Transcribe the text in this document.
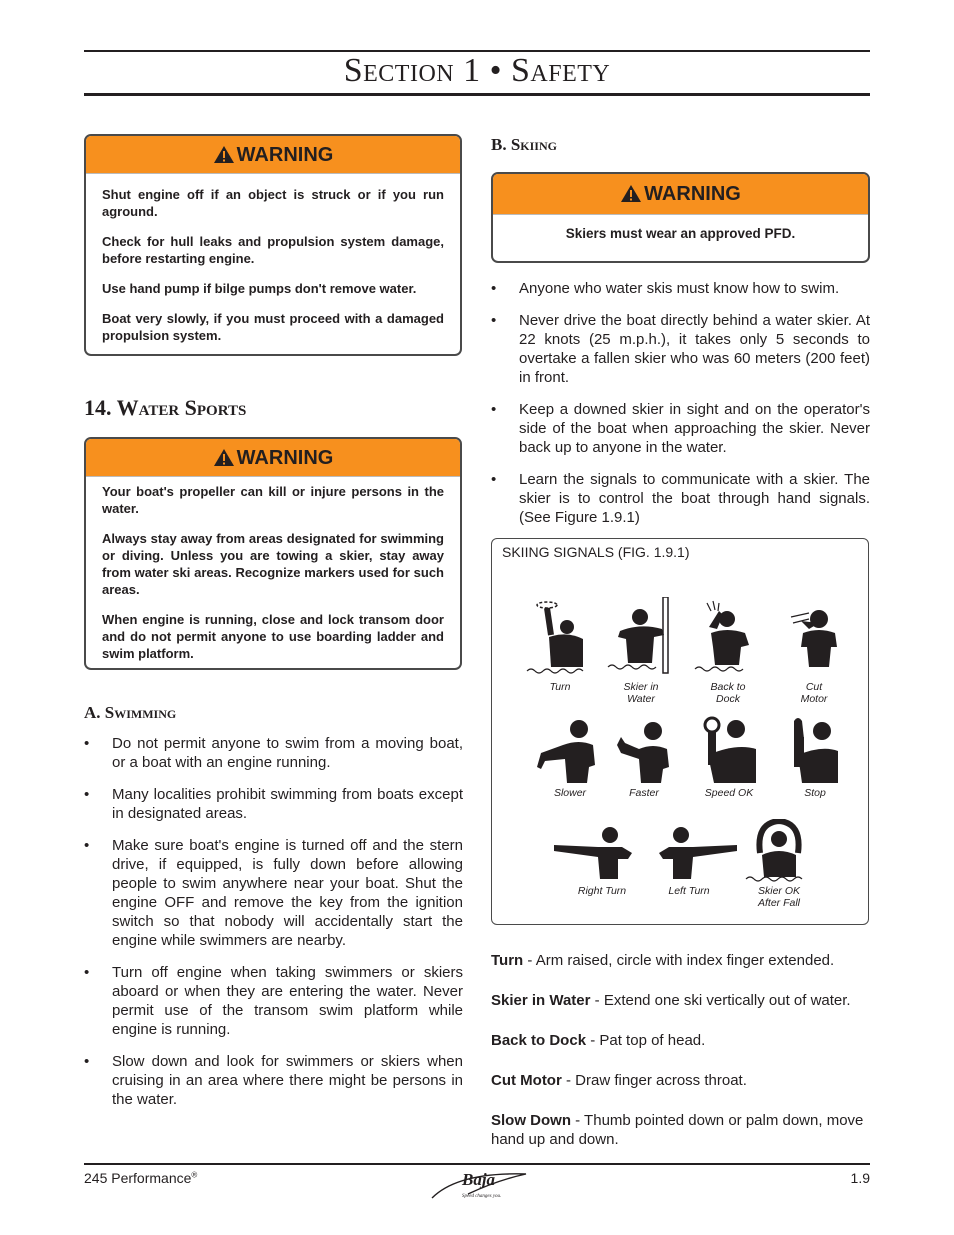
Section 1 • Safety
WARNING

Shut engine off if an object is struck or if you run aground.

Check for hull leaks and propulsion system damage, before restarting engine.

Use hand pump if bilge pumps don't remove water.

Boat very slowly, if you must proceed with a damaged propulsion system.

14. Water Sports
WARNING

Your boat's propeller can kill or injure persons in the water.

Always stay away from areas designated for swimming or diving. Unless you are towing a skier, stay away from water ski areas. Recognize markers used for such areas.

When engine is running, close and lock transom door and do not permit anyone to use boarding ladder and swim platform.

A. Swimming
• Do not permit anyone to swim from a moving boat, or a boat with an engine running.
• Many localities prohibit swimming from boats except in designated areas.
• Make sure boat's engine is turned off and the stern drive, if equipped, is fully down before allowing people to swim anywhere near your boat. Shut the engine OFF and remove the key from the ignition switch so that nobody will accidentally start the engine while swimmers are nearby.
• Turn off engine when taking swimmers or skiers aboard or when they are entering the water. Never permit use of the transom swim platform while engine is running.
• Slow down and look for swimmers or skiers when cruising in an area where there might be persons in the water.
B. Skiing
WARNING

Skiers must wear an approved PFD.

• Anyone who water skis must know how to swim.
• Never drive the boat directly behind a water skier. At 22 knots (25 m.p.h.), it takes only 5 seconds to overtake a fallen skier who was 60 meters (200 feet) in front.
• Keep a downed skier in sight and on the operator's side of the boat when approaching the skier. Never back up to anyone in the water.
• Learn the signals to communicate with a skier. The skier is to control the boat through hand signals. (See Figure 1.9.1)
SKIING SIGNALS (FIG. 1.9.1)
Turn	Skier in
Water
Back to
Dock
Cut
Motor
Slower	Faster	Speed OK	Stop

Right Turn	Left Turn	Skier OK
After Fall

Turn - Arm raised, circle with index finger extended.

Skier in Water - Extend one ski vertically out of water.

Back to Dock - Pat top of head.

Cut Motor - Draw finger across throat.

Slow Down - Thumb pointed down or palm down, move hand up and down.

245 Performance®	Baja
Speed changes you.
1.9
